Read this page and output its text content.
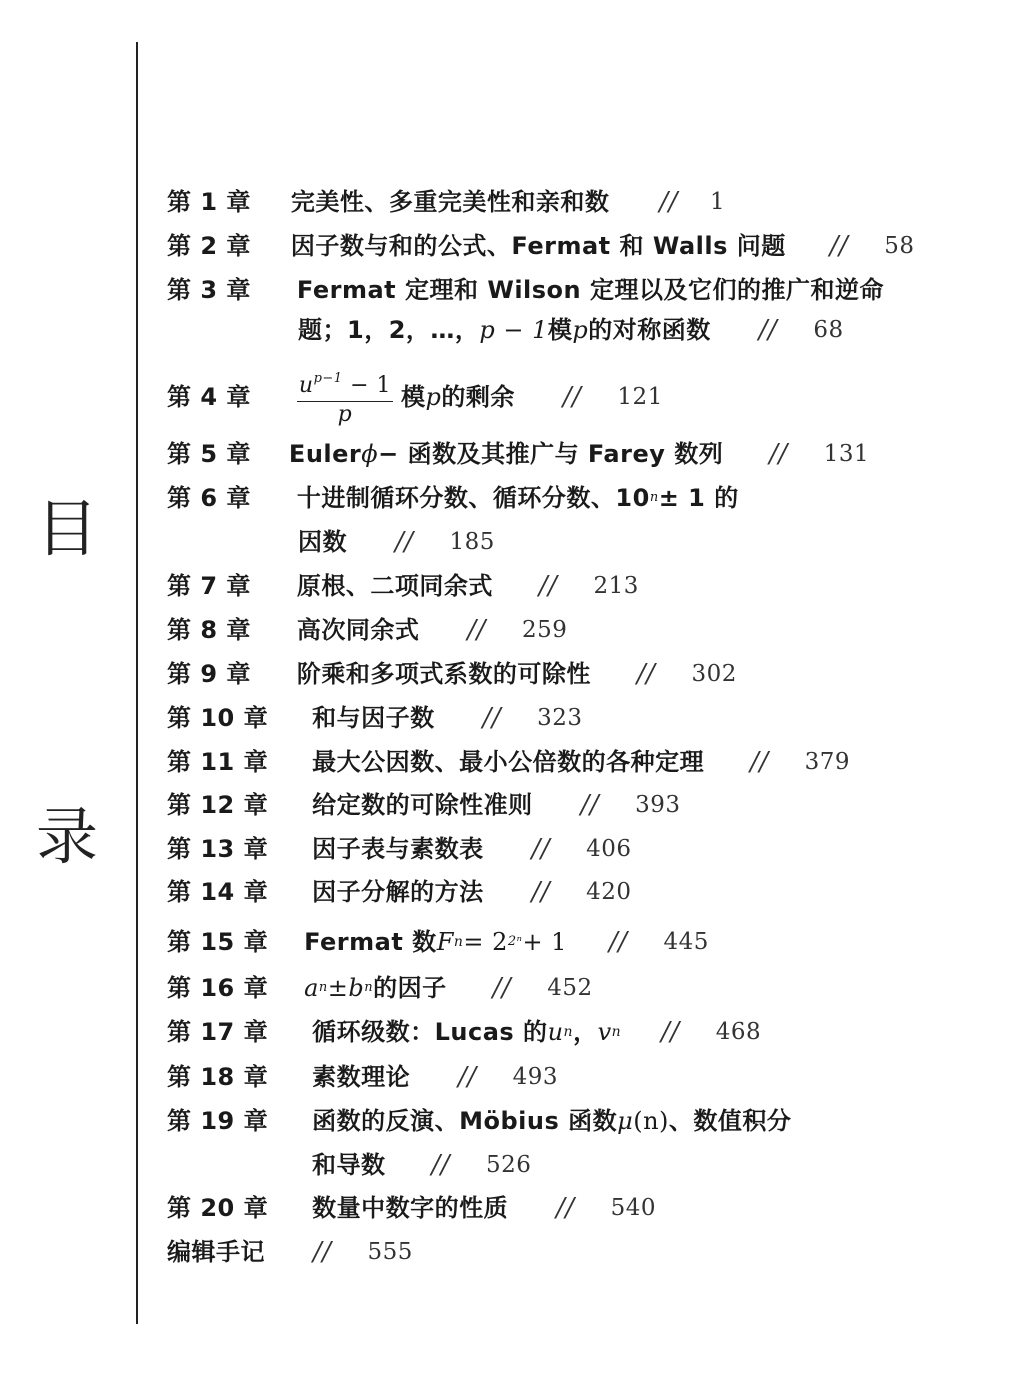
目
录
第 1 章 完美性、多重完美性和亲和数 // 1
第 2 章 因子数与和的公式、Fermat 和 Walls 问题 // 58
第 3 章 Fermat 定理和 Wilson 定理以及它们的推广和逆命
题；1，2，…， p − 1 模 p 的对称函数 // 68
第 4 章 $\frac{u^{p-1} - 1}{p}$ 模 p 的剩余 // 121
第 5 章 Euler ϕ − 函数及其推广与 Farey 数列 // 131
第 6 章 十进制循环分数、循环分数、10 n ± 1 的
因数 // 185
第 7 章 原根、二项同余式 // 213
第 8 章 高次同余式 // 259
第 9 章 阶乘和多项式系数的可除性 // 302
第 10 章 和与因子数 // 323
第 11 章 最大公因数、最小公倍数的各种定理 // 379
第 12 章 给定数的可除性准则 // 393
第 13 章 因子表与素数表 // 406
第 14 章 因子分解的方法 // 420
第 15 章 Fermat 数 F n = 2 2ⁿ + 1 // 445
第 16 章 a n ± b n 的因子 // 452
第 17 章 循环级数：Lucas 的 u n ， v n // 468
第 18 章 素数理论 // 493
第 19 章 函数的反演、Möbius 函数 μ (n) 、数值积分
和导数 // 526
第 20 章 数量中数字的性质 // 540
编辑手记 // 555
